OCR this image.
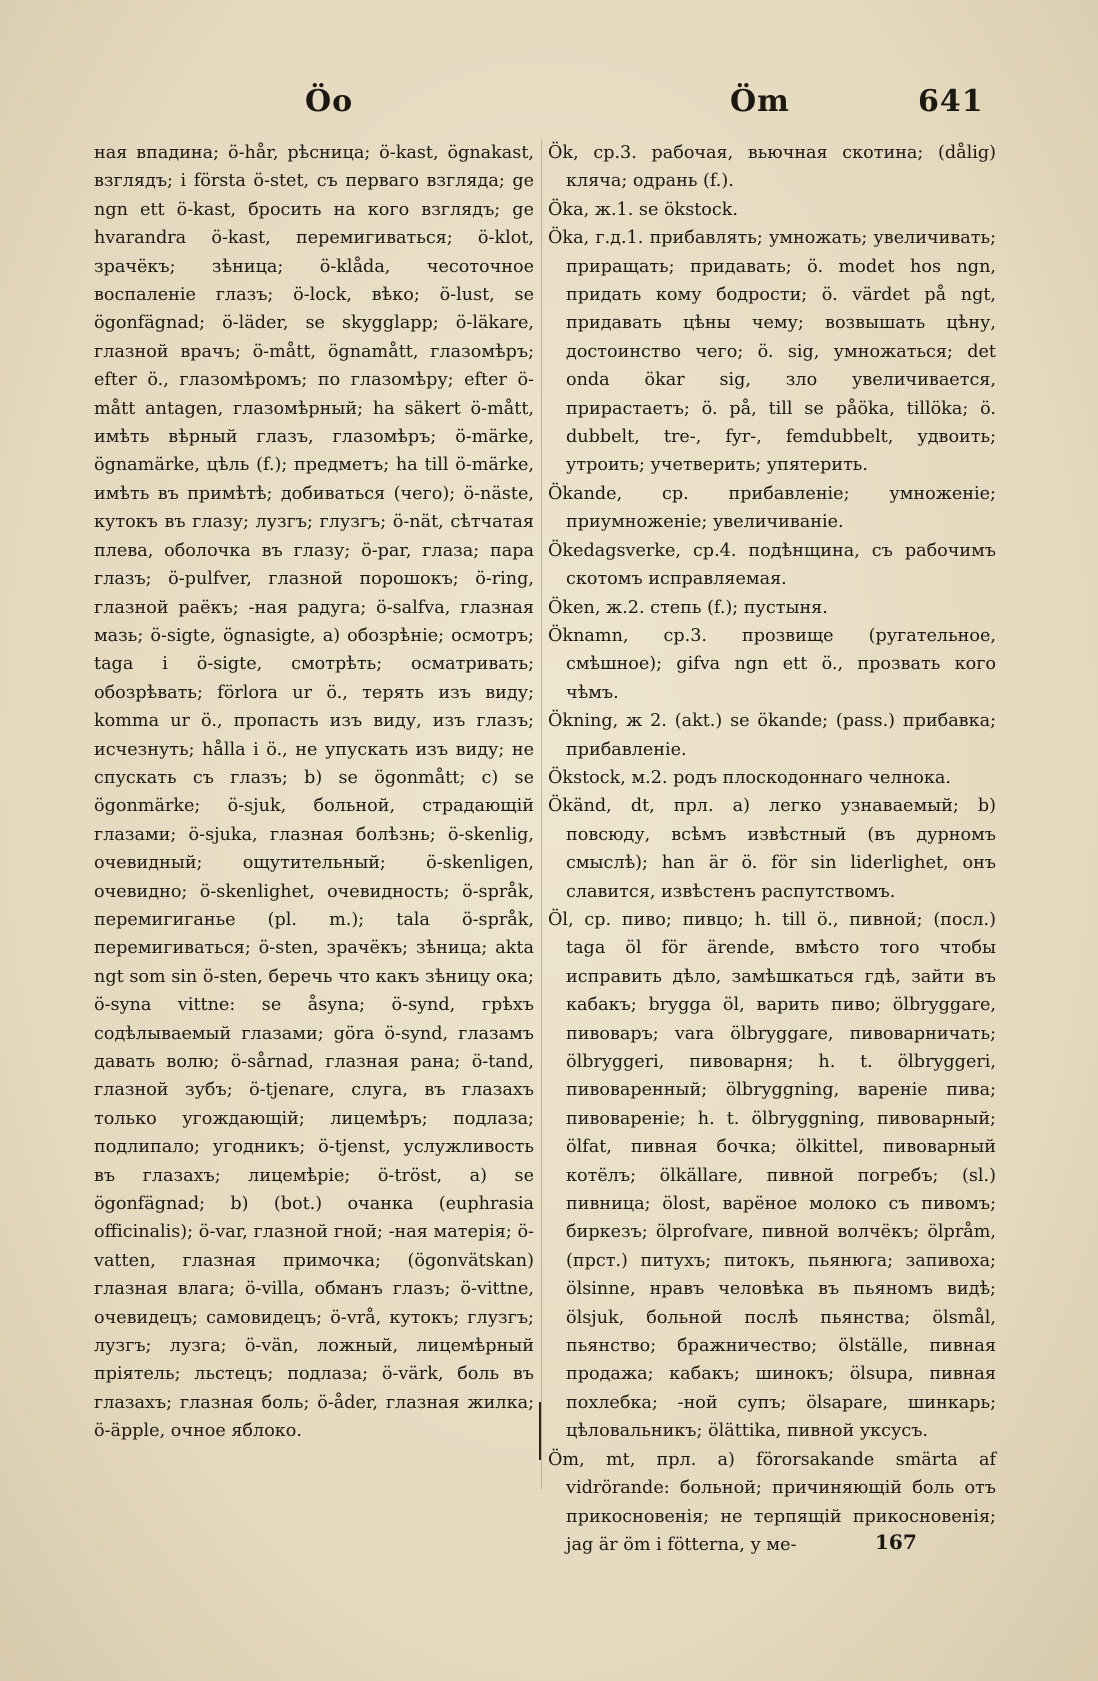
Öo	Öm	641

ная впадина; ö-hår, рѣсница; ö-kast, ögnakast, взглядъ; i första ö-stet, съ перваго взгляда; ge ngn ett ö-kast, бросить на кого взглядъ; ge hvarandra ö-kast, перемигиваться; ö-klot, зрачёкъ; зѣница; ö-klåda, чесоточное воспаленіе глазъ; ö-lock, вѣко; ö-lust, se ögonfägnad; ö-läder, se skygglapp; ö-läkare, глазной врачъ; ö-mått, ögnamått, глазомѣръ; efter ö., глазомѣромъ; по глазомѣру; efter ö-mått antagen, глазомѣрный; ha säkert ö-mått, имѣть вѣрный глазъ, глазомѣръ; ö-märke, ögnamärke, цѣль (f.); предметъ; ha till ö-märke, имѣть въ примѣтѣ; добиваться (чего); ö-näste, кутокъ въ глазу; лузгъ; глузгъ; ö-nät, сѣтчатая плева, оболочка въ глазу; ö-par, глаза; пара глазъ; ö-pulfver, глазной порошокъ; ö-ring, глазной раёкъ; -ная радуга; ö-salfva, глазная мазь; ö-sigte, ögnasigte, a) обозрѣніе; осмотръ; taga i ö-sigte, смотрѣть; осматривать; обозрѣвать; förlora ur ö., терять изъ виду; komma ur ö., пропасть изъ виду, изъ глазъ; исчезнуть; hålla i ö., не упускать изъ виду; не спускать съ глазъ; b) se ögonmått; c) se ögonmärke; ö-sjuk, больной, страдающій глазами; ö-sjuka, глазная болѣзнь; ö-skenlig, очевидный; ощутительный; ö-skenligen, очевидно; ö-skenlighet, очевидность; ö-språk, перемигиганье (pl. m.); tala ö-språk, перемигиваться; ö-sten, зрачёкъ; зѣница; akta ngt som sin ö-sten, беречь что какъ зѣницу ока; ö-syna vittne: se åsyna; ö-synd, грѣхъ содѣлываемый глазами; göra ö-synd, глазамъ давать волю; ö-sårnad, глазная рана; ö-tand, глазной зубъ; ö-tjenare, слуга, въ глазахъ только угождающій; лицемѣръ; подлаза; подлипало; угодникъ; ö-tjenst, услужливость въ глазахъ; лицемѣріе; ö-tröst, a) se ögonfägnad; b) (bot.) очанка (euphrasia officinalis); ö-var, глазной гной; -ная матерія; ö-vatten, глазная примочка; (ögonvätskan) глазная влага; ö-villa, обманъ глазъ; ö-vittne, очевидецъ; самовидецъ; ö-vrå, кутокъ; глузгъ; лузгъ; лузга; ö-vän, ложный, лицемѣрный пріятель; льстецъ; подлаза; ö-värk, боль въ глазахъ; глазная боль; ö-åder, глазная жилка; ö-äpple, очное яблоко.

Ök, ср.3. рабочая, вьючная скотина; (dålig) кляча; одрань (f.).

Öka, ж.1. se ökstock.

Öka, г.д.1. прибавлять; умножать; увеличивать; приращать; придавать; ö. modet hos ngn, придать кому бодрости; ö. värdet på ngt, придавать цѣны чему; возвышать цѣну, достоинство чего; ö. sig, умножаться; det onda ökar sig, зло увеличивается, прирастаетъ; ö. på, till se påöka, tillöka; ö. dubbelt, tre-, fyr-, femdubbelt, удвоить; утроить; учетверить; упятерить.

Ökande, ср. прибавленіе; умноженіе; приумноженіе; увеличиваніе.

Ökedagsverke, ср.4. подѣнщина, съ рабочимъ скотомъ исправляемая.

Öken, ж.2. степь (f.); пустыня.

Öknamn, ср.3. прозвище (ругательное, смѣшное); gifva ngn ett ö., прозвать кого чѣмъ.

Ökning, ж 2. (akt.) se ökande; (pass.) прибавка; прибавленіе.

Ökstock, м.2. родъ плоскодоннаго челнока.

Ökänd, dt, прл. a) легко узнаваемый; b) повсюду, всѣмъ извѣстный (въ дурномъ смыслѣ); han är ö. för sin liderlighet, онъ славится, извѣстенъ распутствомъ.

Öl, ср. пиво; пивцо; h. till ö., пивной; (посл.) taga öl för ärende, вмѣсто того чтобы исправить дѣло, замѣшкаться гдѣ, зайти въ кабакъ; brygga öl, варить пиво; ölbryggare, пивоваръ; vara ölbryggare, пивоварничать; ölbryggeri, пивоварня; h. t. ölbryggeri, пивоваренный; ölbryggning, вареніе пива; пивовареніе; h. t. ölbryggning, пивоварный; ölfat, пивная бочка; ölkittel, пивоварный котёлъ; ölkällare, пивной погребъ; (sl.) пивница; ölost, варёное молоко съ пивомъ; биркезъ; ölprofvare, пивной волчёкъ; ölpråm, (прст.) питухъ; питокъ, пьянюга; запивоха; ölsinne, нравъ человѣка въ пьяномъ видѣ; ölsjuk, больной послѣ пьянства; ölsmål, пьянство; бражничество; ölställe, пивная продажа; кабакъ; шинокъ; ölsupa, пивная похлебка; -ной супъ; ölsapare, шинкарь; цѣловальникъ; ölättika, пивной уксусъ.

Öm, mt, прл. a) förorsakande smärta af vidrörande: больной; причиняющій боль отъ прикосновенія; не терпящій прикосновенія; jag är öm i fötterna, у ме-	167
